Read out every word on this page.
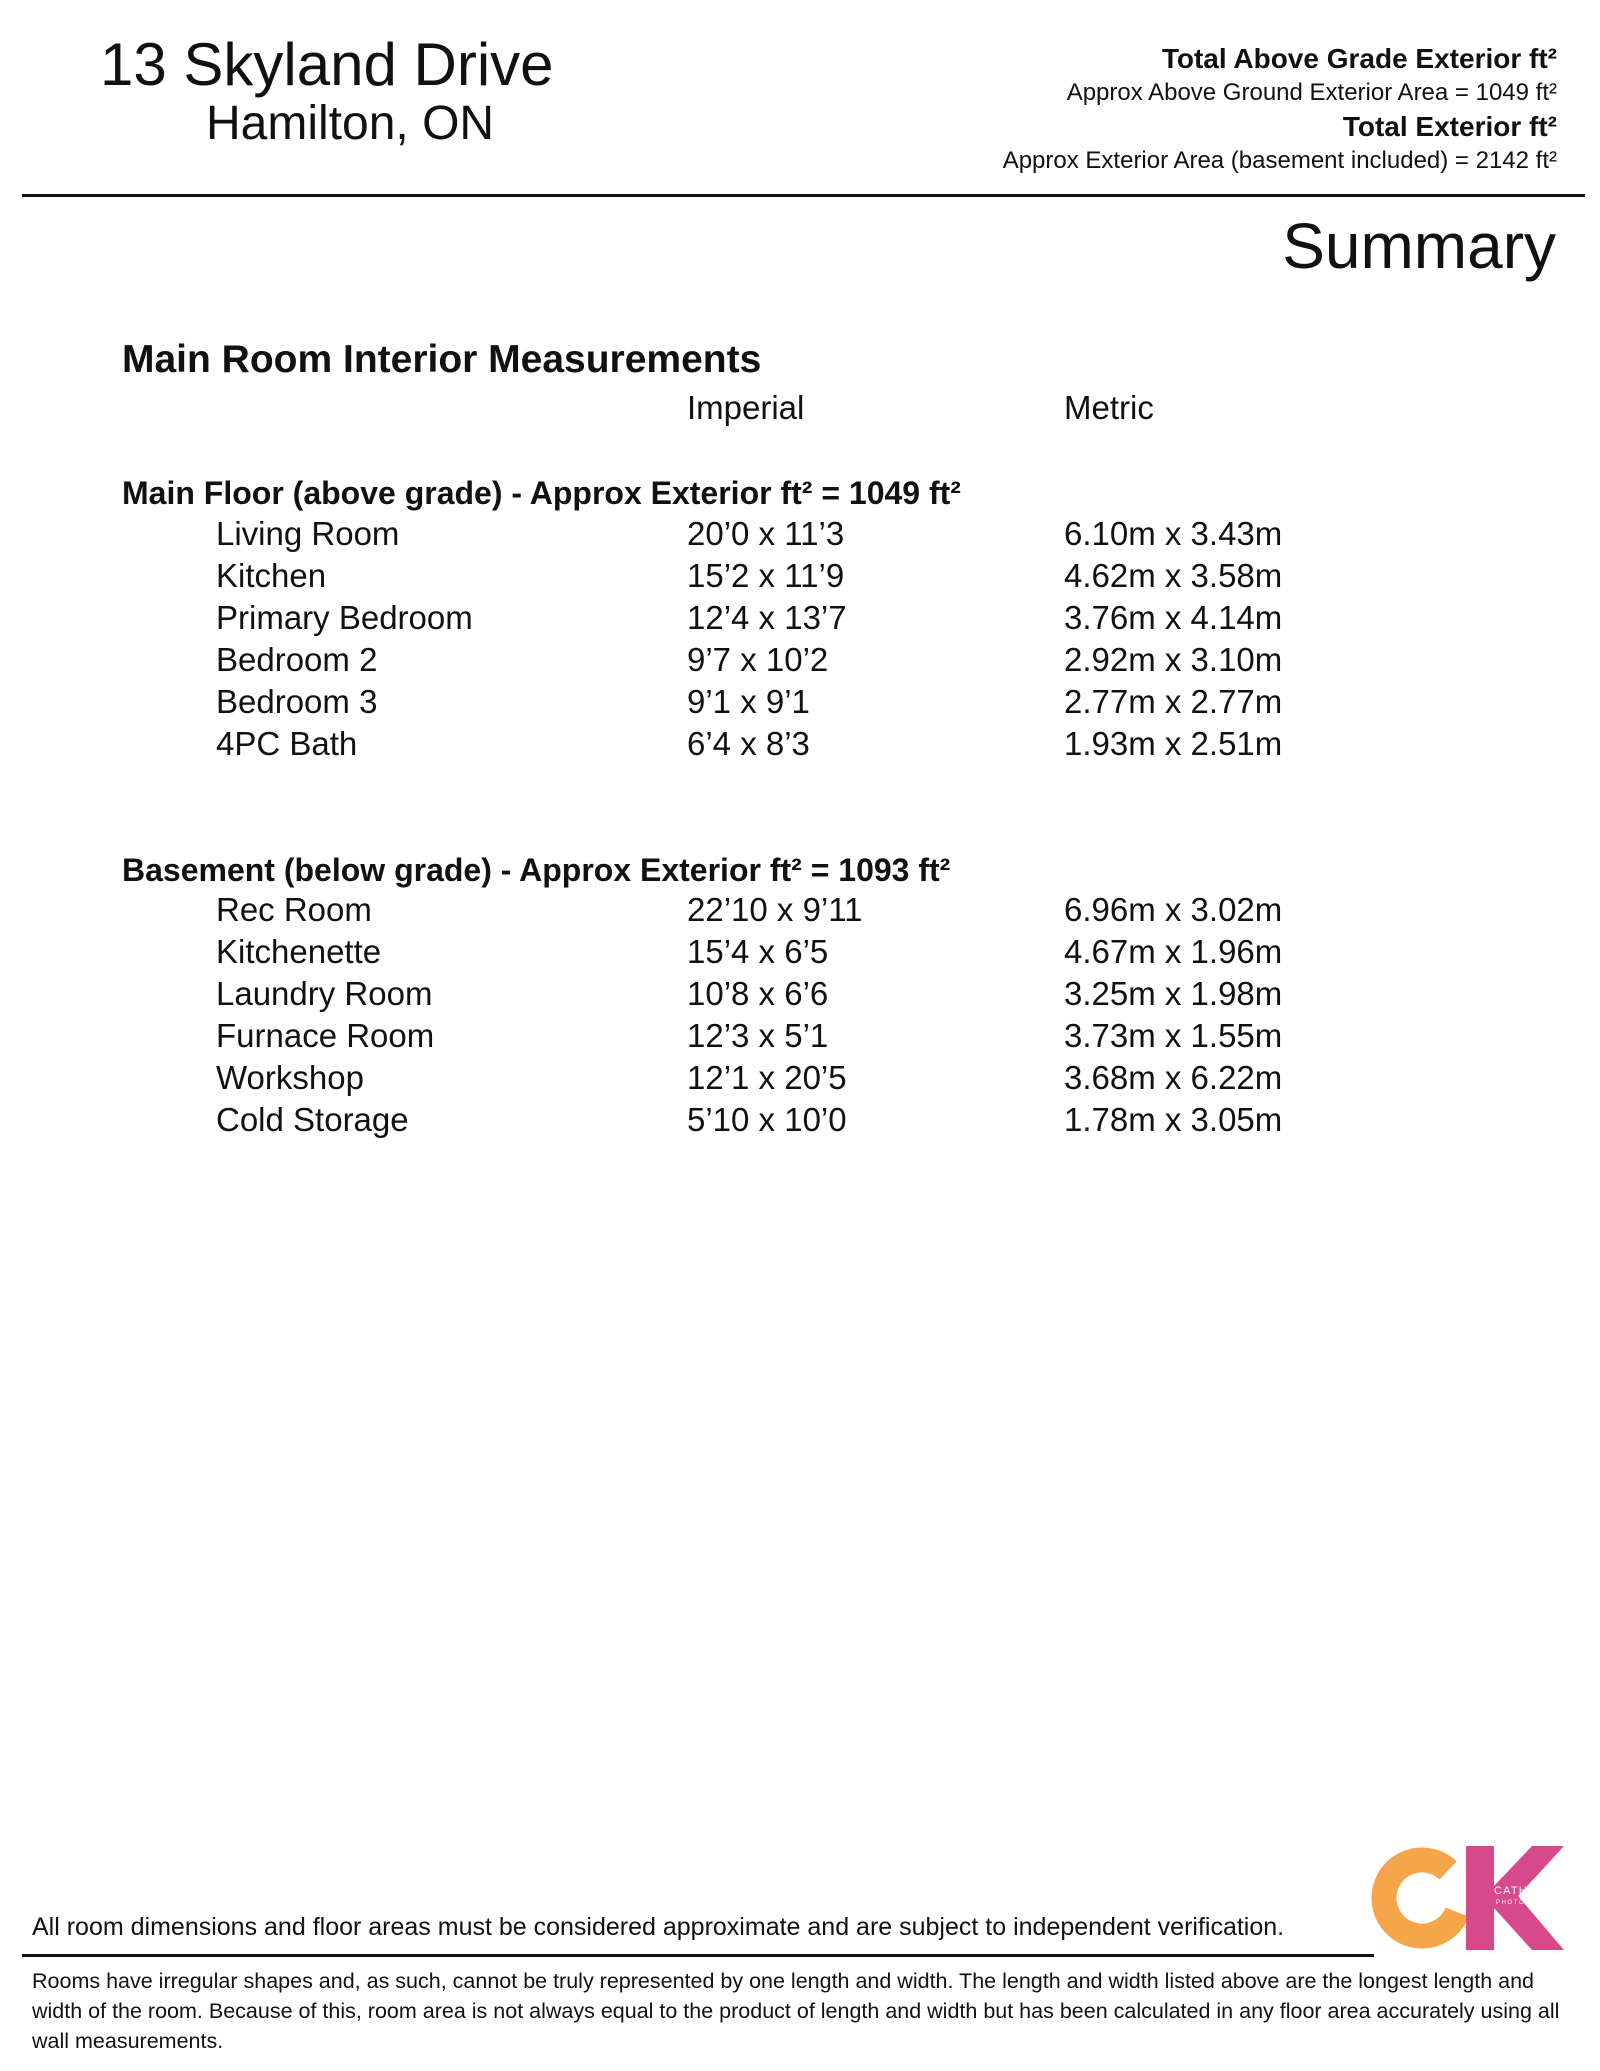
13 Skyland Drive
Hamilton, ON
Total Above Grade Exterior ft²
Approx Above Ground Exterior Area = 1049 ft²
Total Exterior ft²
Approx Exterior Area (basement included) = 2142 ft²
Summary
Main Room Interior Measurements
Imperial	Metric
Main Floor (above grade) - Approx Exterior ft² = 1049 ft²
Living Room	20’0 x 11’3	6.10m x 3.43m
Kitchen	15’2 x 11’9	4.62m x 3.58m
Primary Bedroom	12’4 x 13’7	3.76m x 4.14m
Bedroom 2	9’7 x 10’2	2.92m x 3.10m
Bedroom 3	9’1 x 9’1	2.77m x 2.77m
4PC Bath	6’4 x 8’3	1.93m x 2.51m
Basement (below grade) - Approx Exterior ft² = 1093 ft²
Rec Room	22’10 x 9’11	6.96m x 3.02m
Kitchenette	15’4 x 6’5	4.67m x 1.96m
Laundry Room	10’8 x 6’6	3.25m x 1.98m
Furnace Room	12’3 x 5’1	3.73m x 1.55m
Workshop	12’1 x 20’5	3.68m x 6.22m
Cold Storage	5’10 x 10’0	1.78m x 3.05m
All room dimensions and floor areas must be considered approximate and are subject to independent verification.
Rooms have irregular shapes and, as such, cannot be truly represented by one length and width. The length and width listed above are the longest length and width of the room. Because of this, room area is not always equal to the product of length and width but has been calculated in any floor area accurately using all wall measurements.
CATHY KOOP
PHOTOGRAPHY
